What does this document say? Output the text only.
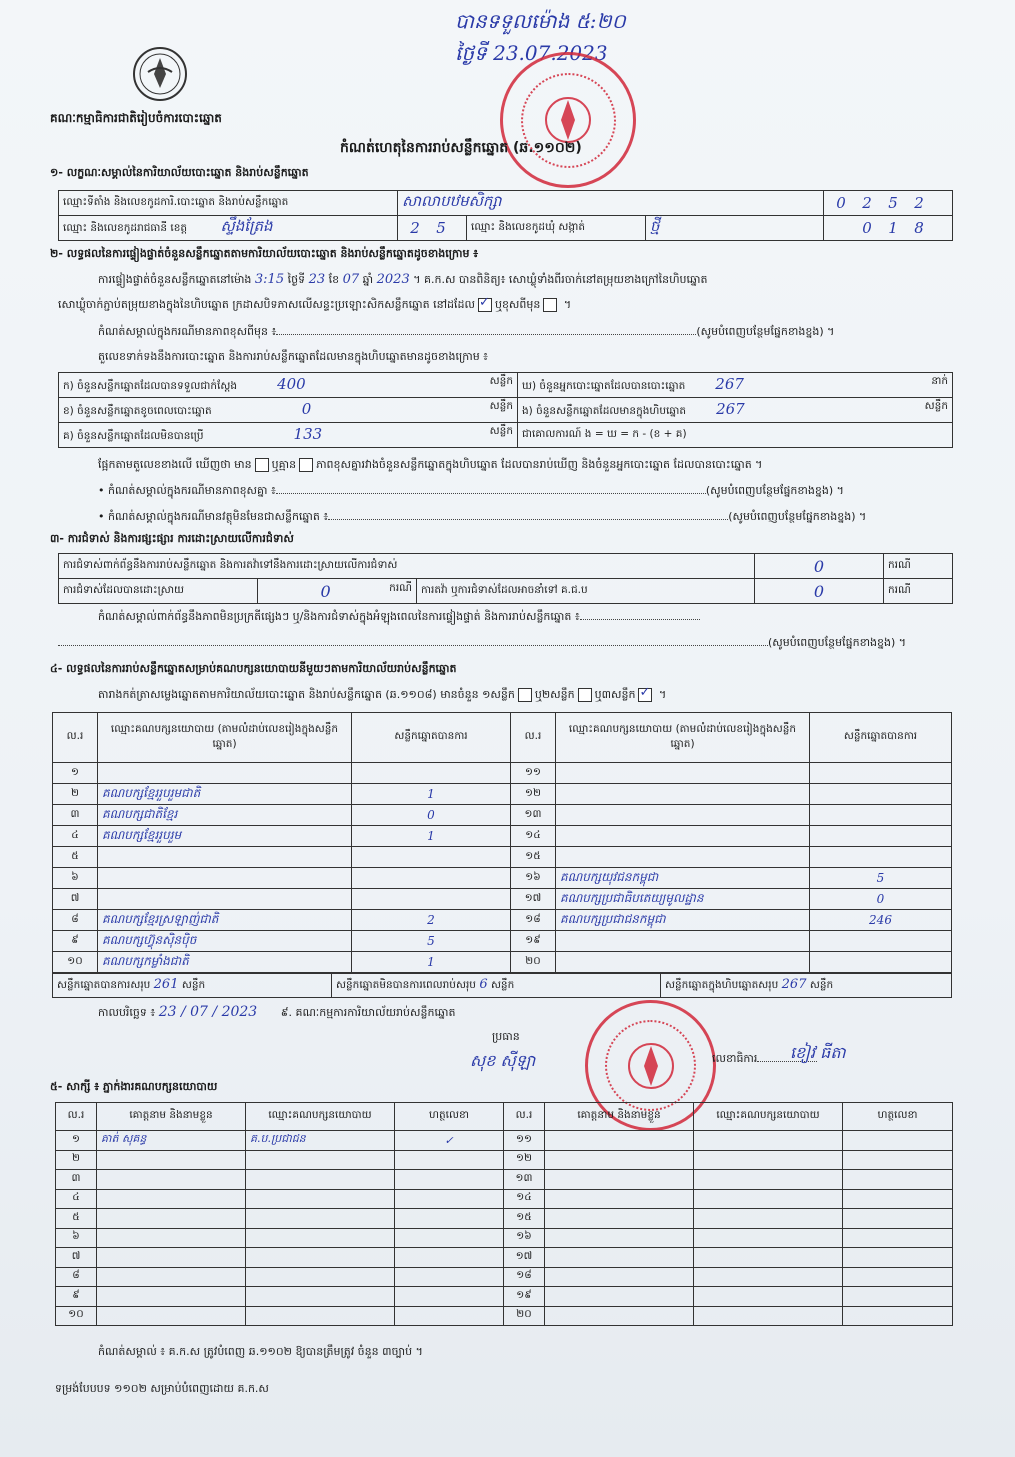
បានទទួលម៉ោង ៥:២០
ថ្ងៃទី 23.07.2023
គណៈកម្មាធិការជាតិរៀបចំការបោះឆ្នោត
កំណត់ហេតុនៃការរាប់សន្លឹកឆ្នោត (ឆ.១១០២)
១- លក្ខណៈសម្គាល់នៃការិយាល័យបោះឆ្នោត និងរាប់សន្លឹកឆ្នោត
ឈ្មោះទីតាំង និងលេខកូដការិ.បោះឆ្នោត និងរាប់សន្លឹកឆ្នោត	សាលាបឋមសិក្សា			0 2 5 2
ឈ្មោះ និងលេខកូដរាជធានី ខេត្ត ស្ទឹងត្រែង	2 5	ឈ្មោះ និងលេខកូដឃុំ សង្កាត់	ថ្មី	0 1 8
២- លទ្ធផលនៃការផ្ទៀងផ្ទាត់ចំនួនសន្លឹកឆ្នោតតាមការិយាល័យបោះឆ្នោត និងរាប់សន្លឹកឆ្នោតដូចខាងក្រោម ៖
ការផ្ទៀងផ្ទាត់ចំនួនសន្លឹកឆ្នោតនៅម៉ោង 3:15 ថ្ងៃទី 23 ខែ 07 ឆ្នាំ 2023 ។ គ.ក.ស បានពិនិត្យ៖ សោឃ្លុំទាំងពីរចាក់នៅតម្រុយខាងក្រៅនៃហិបឆ្នោត
សោឃ្លុំចាក់ភ្ជាប់តម្រុយខាងក្នុងនៃហិបឆ្នោត ក្រដាសបិទភាសលើសន្ទះប្រឡោះសិកសន្លឹកឆ្នោត នៅដដែល ✓ ឬខុសពីមុន ។
កំណត់សម្គាល់ក្នុងករណីមានភាពខុសពីមុន ៖	(សូមបំពេញបន្ថែមផ្នែកខាងខ្នង) ។
តួលេខទាក់ទងនឹងការបោះឆ្នោត និងការរាប់សន្លឹកឆ្នោតដែលមានក្នុងហិបឆ្នោតមានដូចខាងក្រោម ៖
ក) ចំនួនសន្លឹកឆ្នោតដែលបានទទួលជាក់ស្ដែង 400 សន្លឹក	ឃ) ចំនួនអ្នកបោះឆ្នោតដែលបានបោះឆ្នោត 267 នាក់

ខ) ចំនួនសន្លឹកឆ្នោតខូចពេលបោះឆ្នោត 0 សន្លឹក	ង) ចំនួនសន្លឹកឆ្នោតដែលមានក្នុងហិបឆ្នោត 267 សន្លឹក

គ) ចំនួនសន្លឹកឆ្នោតដែលមិនបានប្រើ 133 សន្លឹក	ជាគោលការណ៍ ង = ឃ = ក - (ខ + គ)
ផ្អែកតាមតួលេខខាងលើ ឃើញថា មាន ឬគ្មាន ភាពខុសគ្នារវាងចំនួនសន្លឹកឆ្នោតក្នុងហិបឆ្នោត ដែលបានរាប់ឃើញ និងចំនួនអ្នកបោះឆ្នោត ដែលបានបោះឆ្នោត ។
• កំណត់សម្គាល់ក្នុងករណីមានភាពខុសគ្នា ៖	(សូមបំពេញបន្ថែមផ្នែកខាងខ្នង) ។
• កំណត់សម្គាល់ក្នុងករណីមានវត្ថុមិនមែនជាសន្លឹកឆ្នោត ៖	(សូមបំពេញបន្ថែមផ្នែកខាងខ្នង) ។
៣- ការជំទាស់ និងការផ្សះផ្សារ ការដោះស្រាយលើការជំទាស់
ការជំទាស់ពាក់ព័ន្ធនឹងការរាប់សន្លឹកឆ្នោត និងការតវ៉ាទៅនឹងការដោះស្រាយលើការជំទាស់			0	ករណី
ការជំទាស់ដែលបានដោះស្រាយ	0 ករណី	ការតវ៉ា ឬការជំទាស់ដែលអាចនាំទៅ គ.ជ.ប	0	ករណី
កំណត់សម្គាល់ពាក់ព័ន្ធនឹងភាពមិនប្រក្រតីផ្សេងៗ ឬ/និងការជំទាស់ក្នុងអំឡុងពេលនៃការផ្ទៀងផ្ទាត់ និងការរាប់សន្លឹកឆ្នោត ៖
(សូមបំពេញបន្ថែមផ្នែកខាងខ្នង) ។
៤- លទ្ធផលនៃការរាប់សន្លឹកឆ្នោតសម្រាប់គណបក្សនយោបាយនីមួយៗតាមការិយាល័យរាប់សន្លឹកឆ្នោត
តារាងកត់ត្រាសម្លេងឆ្នោតតាមការិយាល័យបោះឆ្នោត និងរាប់សន្លឹកឆ្នោត (ឆ.១១០៨) មានចំនួន ១សន្លឹក ឬ២សន្លឹក ឬ៣សន្លឹក✓ ។
ល.រ	ឈ្មោះគណបក្សនយោបាយ (តាមលំដាប់លេខរៀងក្នុងសន្លឹកឆ្នោត)	សន្លឹកឆ្នោតបានការ	ល.រ	ឈ្មោះគណបក្សនយោបាយ (តាមលំដាប់លេខរៀងក្នុងសន្លឹកឆ្នោត)	សន្លឹកឆ្នោតបានការ
១			១១		
២	គណបក្សខ្មែររួបរួមជាតិ	1	១២		
៣	គណបក្សជាតិខ្មែរ	0	១៣		
៤	គណបក្សខ្មែររួបរួម	1	១៤		
៥			១៥		
៦			១៦	គណបក្សយុវជនកម្ពុជា	5
៧			១៧	គណបក្សប្រជាធិបតេយ្យមូលដ្ឋាន	0
៨	គណបក្សខ្មែរស្រឡាញ់ជាតិ	2	១៨	គណបក្សប្រជាជនកម្ពុជា	246
៩	គណបក្សហ៊្វុនស៊ិនប៉ិច	5	១៩		
១០	គណបក្សកម្លាំងជាតិ	1	២០		
សន្លឹកឆ្នោតបានការសរុប 261 សន្លឹក	សន្លឹកឆ្នោតមិនបានការពេលរាប់សរុប 6 សន្លឹក	សន្លឹកឆ្នោតក្នុងហិបឆ្នោតសរុប 267 សន្លឹក
កាលបរិច្ឆេទ ៖ 23 / 07 / 2023 ៩. គណៈកម្មការការិយាល័យរាប់សន្លឹកឆ្នោត
ប្រធាន
សុខ ស៊ីឡា	លេខាធិការ	ខៀវ ធីតា
៥- សាក្សី ៖ ភ្នាក់ងារគណបក្សនយោបាយ
ល.រ	គោត្តនាម និងនាមខ្លួន	ឈ្មោះគណបក្សនយោបាយ	ហត្ថលេខា	ល.រ	គោត្តនាម និងនាមខ្លួន	ឈ្មោះគណបក្សនយោបាយ	ហត្ថលេខា
១	គាត់ សុគន្ធ	គ.ប.ប្រជាជន	✓	១១			
២				១២			
៣				១៣			
៤				១៤			
៥				១៥			
៦				១៦			
៧				១៧			
៨				១៨			
៩				១៩			
១០				២០			
កំណត់សម្គាល់ ៖ គ.ក.ស ត្រូវបំពេញ ឆ.១១០២ ឱ្យបានត្រឹមត្រូវ ចំនួន ៣ច្បាប់ ។
ទម្រង់បែបបទ ១១០២ សម្រាប់បំពេញដោយ គ.ក.ស
